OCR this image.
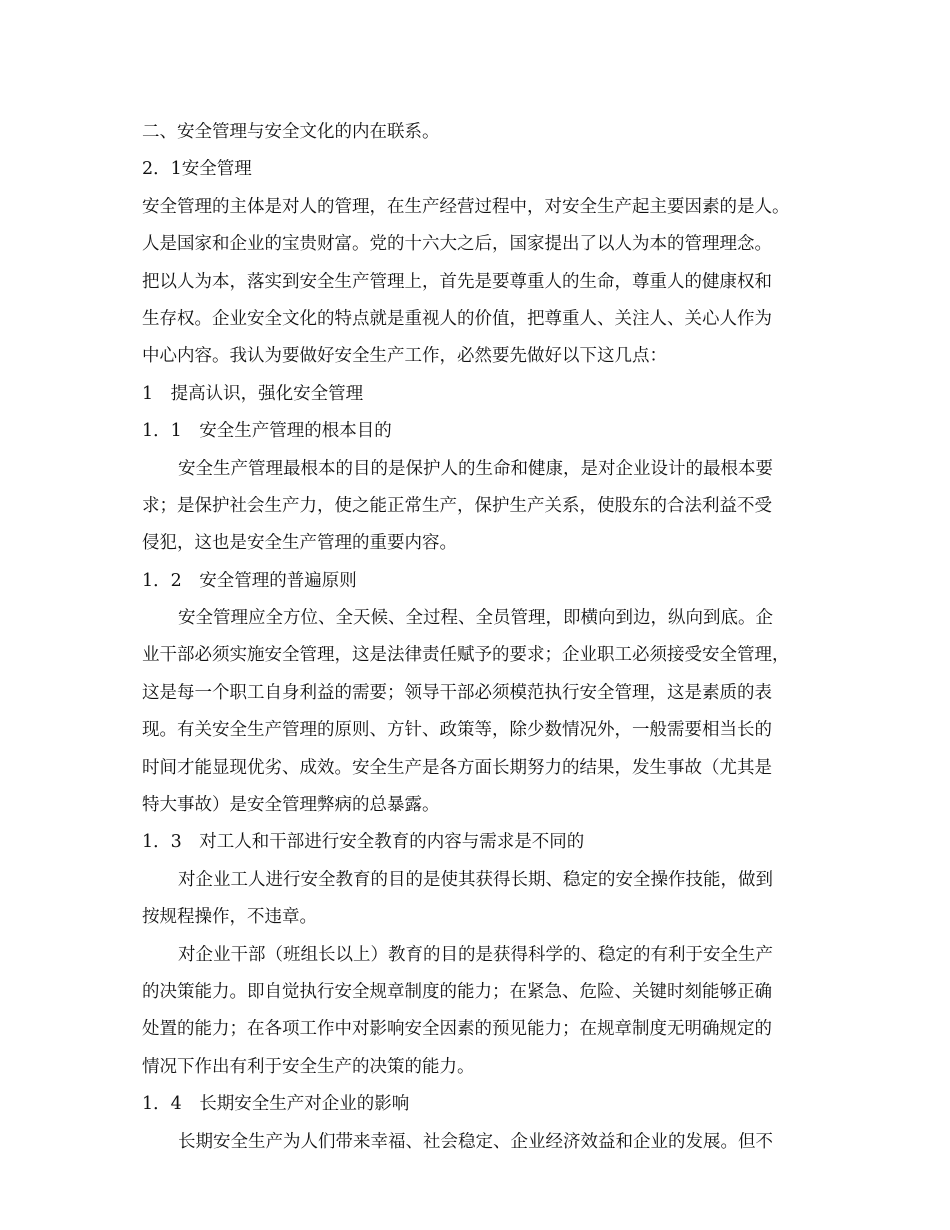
二、安全管理与安全文化的内在联系。
2．1安全管理
安全管理的主体是对人的管理，在生产经营过程中，对安全生产起主要因素的是人。
人是国家和企业的宝贵财富。党的十六大之后，国家提出了以人为本的管理理念。
把以人为本，落实到安全生产管理上，首先是要尊重人的生命，尊重人的健康权和
生存权。企业安全文化的特点就是重视人的价值，把尊重人、关注人、关心人作为
中心内容。我认为要做好安全生产工作，必然要先做好以下这几点：
1　提高认识，强化安全管理
1．1　安全生产管理的根本目的
安全生产管理最根本的目的是保护人的生命和健康，是对企业设计的最根本要
求；是保护社会生产力，使之能正常生产，保护生产关系，使股东的合法利益不受
侵犯，这也是安全生产管理的重要内容。
1．2　安全管理的普遍原则
安全管理应全方位、全天候、全过程、全员管理，即横向到边，纵向到底。企
业干部必须实施安全管理，这是法律责任赋予的要求；企业职工必须接受安全管理，
这是每一个职工自身利益的需要；领导干部必须模范执行安全管理，这是素质的表
现。有关安全生产管理的原则、方针、政策等，除少数情况外，一般需要相当长的
时间才能显现优劣、成效。安全生产是各方面长期努力的结果，发生事故（尤其是
特大事故）是安全管理弊病的总暴露。
1．3　对工人和干部进行安全教育的内容与需求是不同的
对企业工人进行安全教育的目的是使其获得长期、稳定的安全操作技能，做到
按规程操作，不违章。
对企业干部（班组长以上）教育的目的是获得科学的、稳定的有利于安全生产
的决策能力。即自觉执行安全规章制度的能力；在紧急、危险、关键时刻能够正确
处置的能力；在各项工作中对影响安全因素的预见能力；在规章制度无明确规定的
情况下作出有利于安全生产的决策的能力。
1．4　长期安全生产对企业的影响
长期安全生产为人们带来幸福、社会稳定、企业经济效益和企业的发展。但不
